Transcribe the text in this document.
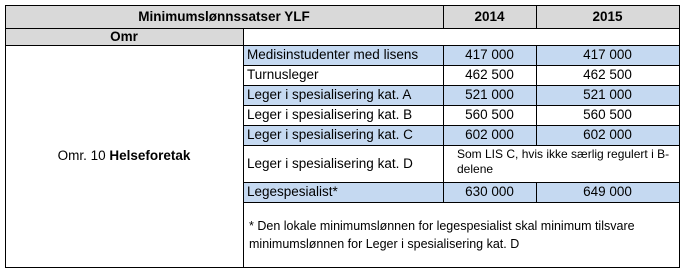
Minimumslønnssatser YLF	2014	2015
Omr
Omr. 10 Helseforetak
Medisinstudenter med lisens	417 000	417 000
Turnusleger	462 500	462 500
Leger i spesialisering kat. A	521 000	521 000
Leger i spesialisering kat. B	560 500	560 500
Leger i spesialisering kat. C	602 000	602 000
Leger i spesialisering kat. D
Som LIS C, hvis ikke særlig regulert i B-delene
Legespesialist*	630 000	649 000
* Den lokale minimumslønnen for legespesialist skal minimum tilsvare minimumslønnen for Leger i spesialisering kat. D
